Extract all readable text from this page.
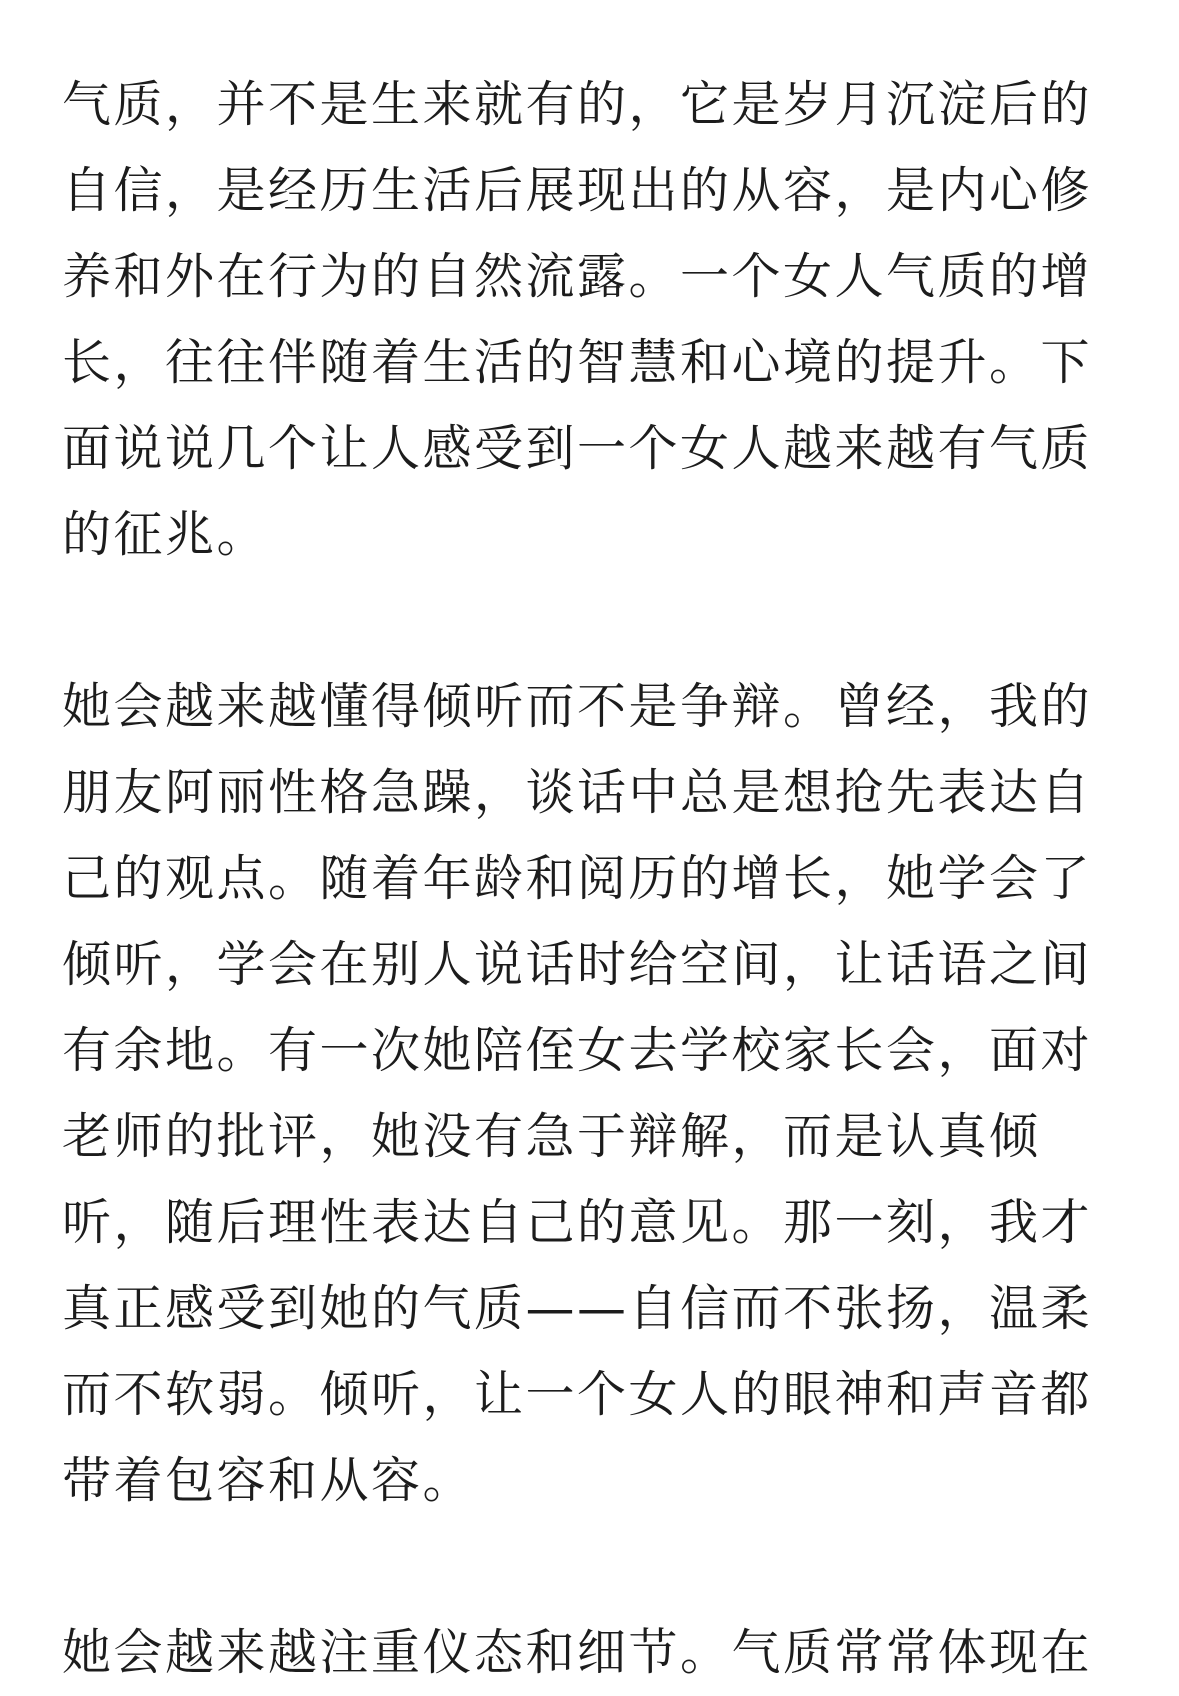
气质，并不是生来就有的，它是岁月沉淀后的
自信，是经历生活后展现出的从容，是内心修
养和外在行为的自然流露。一个女人气质的增
长，往往伴随着生活的智慧和心境的提升。下
面说说几个让人感受到一个女人越来越有气质
的征兆。

她会越来越懂得倾听而不是争辩。曾经，我的
朋友阿丽性格急躁，谈话中总是想抢先表达自
己的观点。随着年龄和阅历的增长，她学会了
倾听，学会在别人说话时给空间，让话语之间
有余地。有一次她陪侄女去学校家长会，面对
老师的批评，她没有急于辩解，而是认真倾
听，随后理性表达自己的意见。那一刻，我才
真正感受到她的气质——自信而不张扬，温柔
而不软弱。倾听，让一个女人的眼神和声音都
带着包容和从容。

她会越来越注重仪态和细节。气质常常体现在
